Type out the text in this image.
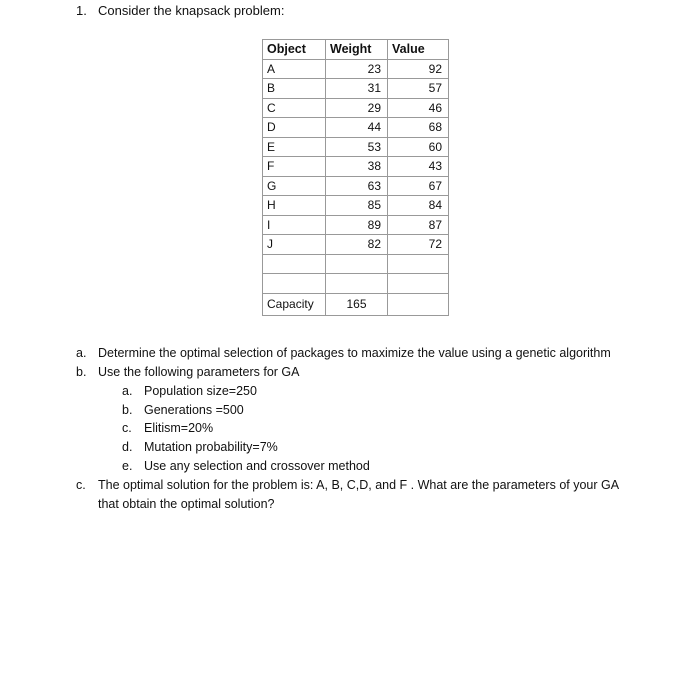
1. Consider the knapsack problem:
Object	Weight	Value
A	23	92
B	31	57
C	29	46
D	44	68
E	53	60
F	38	43
G	63	67
H	85	84
I	89	87
J	82	72

Capacity	165	
a. Determine the optimal selection of packages to maximize the value using a genetic algorithm
b. Use the following parameters for GA
a. Population size=250
b. Generations =500
c. Elitism=20%
d. Mutation probability=7%
e. Use any selection and crossover method
c. The optimal solution for the problem is: A, B, C,D, and F . What are the parameters of your GA
that obtain the optimal solution?
